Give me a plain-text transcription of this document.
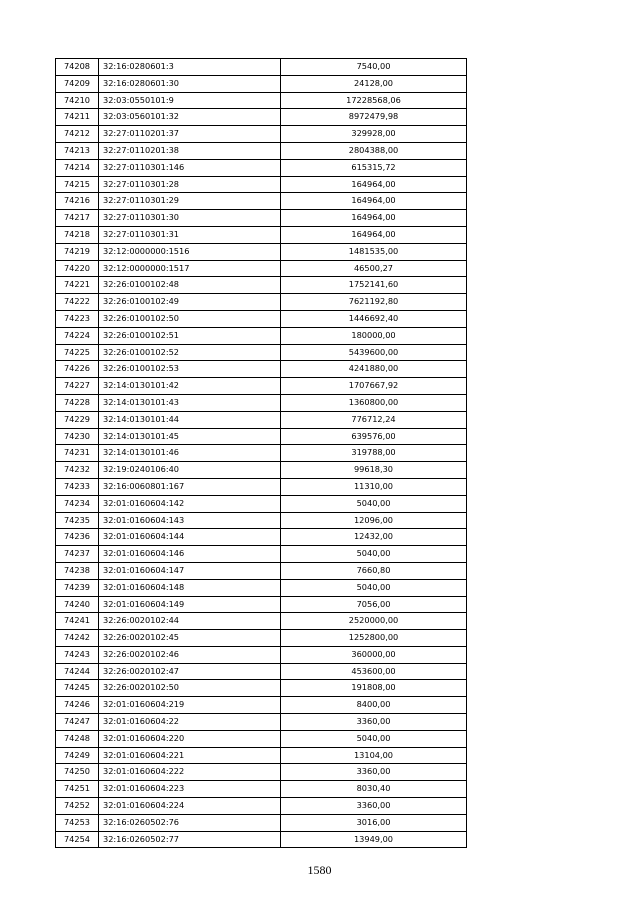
74208	32:16:0280601:3	7540,00
74209	32:16:0280601:30	24128,00
74210	32:03:0550101:9	17228568,06
74211	32:03:0560101:32	8972479,98
74212	32:27:0110201:37	329928,00
74213	32:27:0110201:38	2804388,00
74214	32:27:0110301:146	615315,72
74215	32:27:0110301:28	164964,00
74216	32:27:0110301:29	164964,00
74217	32:27:0110301:30	164964,00
74218	32:27:0110301:31	164964,00
74219	32:12:0000000:1516	1481535,00
74220	32:12:0000000:1517	46500,27
74221	32:26:0100102:48	1752141,60
74222	32:26:0100102:49	7621192,80
74223	32:26:0100102:50	1446692,40
74224	32:26:0100102:51	180000,00
74225	32:26:0100102:52	5439600,00
74226	32:26:0100102:53	4241880,00
74227	32:14:0130101:42	1707667,92
74228	32:14:0130101:43	1360800,00
74229	32:14:0130101:44	776712,24
74230	32:14:0130101:45	639576,00
74231	32:14:0130101:46	319788,00
74232	32:19:0240106:40	99618,30
74233	32:16:0060801:167	11310,00
74234	32:01:0160604:142	5040,00
74235	32:01:0160604:143	12096,00
74236	32:01:0160604:144	12432,00
74237	32:01:0160604:146	5040,00
74238	32:01:0160604:147	7660,80
74239	32:01:0160604:148	5040,00
74240	32:01:0160604:149	7056,00
74241	32:26:0020102:44	2520000,00
74242	32:26:0020102:45	1252800,00
74243	32:26:0020102:46	360000,00
74244	32:26:0020102:47	453600,00
74245	32:26:0020102:50	191808,00
74246	32:01:0160604:219	8400,00
74247	32:01:0160604:22	3360,00
74248	32:01:0160604:220	5040,00
74249	32:01:0160604:221	13104,00
74250	32:01:0160604:222	3360,00
74251	32:01:0160604:223	8030,40
74252	32:01:0160604:224	3360,00
74253	32:16:0260502:76	3016,00
74254	32:16:0260502:77	13949,00
1580
